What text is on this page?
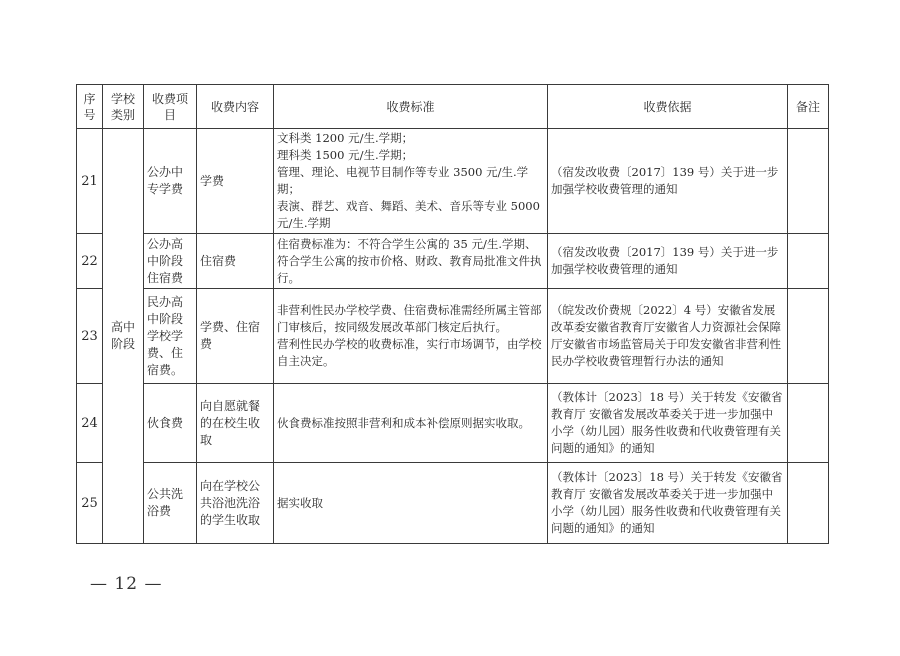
序号	学校类别	收费项目	收费内容	收费标准	收费依据	备注
21	高中阶段	公办中专学费	学费	文科类 1200 元/生.学期；
理科类 1500 元/生.学期；
管理、理论、电视节目制作等专业 3500 元/生.学期；
表演、群艺、戏音、舞蹈、美术、音乐等专业 5000 元/生.学期	（宿发改收费〔2017〕139 号）关于进一步加强学校收费管理的通知	
22		公办高中阶段住宿费	住宿费	住宿费标准为：不符合学生公寓的 35 元/生.学期、符合学生公寓的按市价格、财政、教育局批准文件执行。	（宿发改收费〔2017〕139 号）关于进一步加强学校收费管理的通知	
23		民办高中阶段学校学费、住宿费。	学费、住宿费	非营利性民办学校学费、住宿费标准需经所属主管部门审核后，按同级发展改革部门核定后执行。
营利性民办学校的收费标准，实行市场调节，由学校自主决定。	（皖发改价费规〔2022〕4 号）安徽省发展改革委安徽省教育厅安徽省人力资源社会保障厅安徽省市场监管局关于印发安徽省非营利性民办学校收费管理暂行办法的通知	
24		伙食费	向自愿就餐的在校生收取	伙食费标准按照非营利和成本补偿原则据实收取。	（教体计〔2023〕18 号）关于转发《安徽省教育厅 安徽省发展改革委关于进一步加强中小学（幼儿园）服务性收费和代收费管理有关问题的通知》的通知	
25		公共洗浴费	向在学校公共浴池洗浴的学生收取	据实收取	（教体计〔2023〕18 号）关于转发《安徽省教育厅 安徽省发展改革委关于进一步加强中小学（幼儿园）服务性收费和代收费管理有关问题的通知》的通知	
— 12 —
